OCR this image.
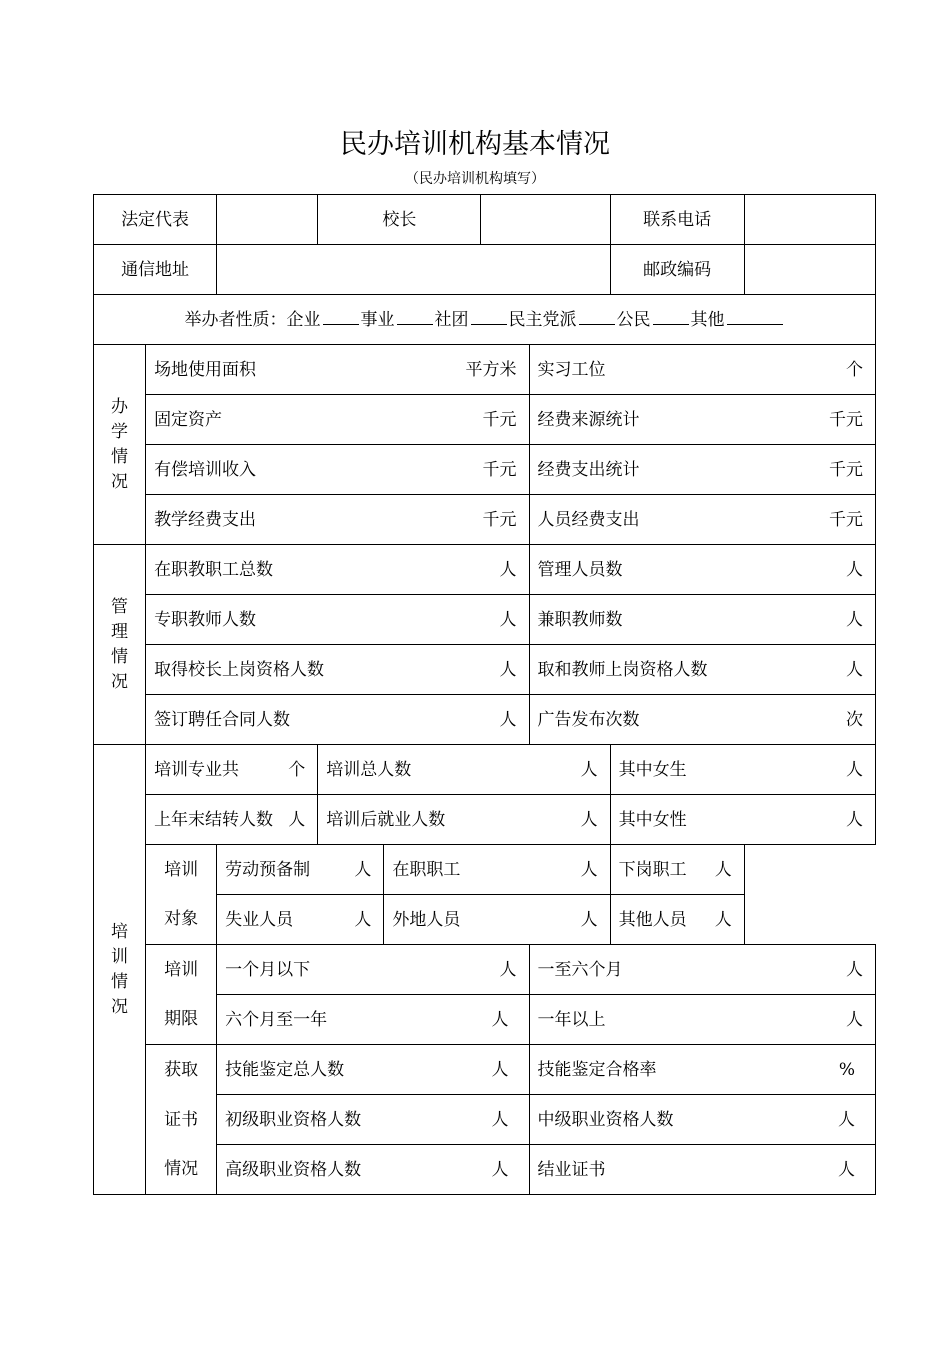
民办培训机构基本情况
（民办培训机构填写）
法定代表			校长				联系电话	
通信地址							邮政编码	
举办者性质：企业 事业 社团 民主党派 公民 其他								
办学情况	场地使用面积 平方米					实习工位 个		

	固定资产 千元					经费来源统计 千元		

	有偿培训收入 千元					经费支出统计 千元		

	教学经费支出 千元					人员经费支出 千元		

管理情况	在职教职工总数 人					管理人员数 人		

	专职教师人数 人					兼职教师数 人		

	取得校长上岗资格人数 人					取和教师上岗资格人数 人		

	签订聘任合同人数 人					广告发布次数 次		

培训情况	培训专业共 个		培训总人数 人				其中女生 人	

	上年末结转人数 人		培训后就业人数 人				其中女性 人	

	培训	劳动预备制 人		在职职工 人			下岗职工 人	

	对象	失业人员 人		外地人员 人			其他人员 人	

	培训	一个月以下 人				一至六个月 人		

	期限	六个月至一年 人				一年以上 人		

	获取	技能鉴定总人数 人				技能鉴定合格率 %		

	证书	初级职业资格人数 人				中级职业资格人数 人		

	情况	高级职业资格人数 人				结业证书 人		
